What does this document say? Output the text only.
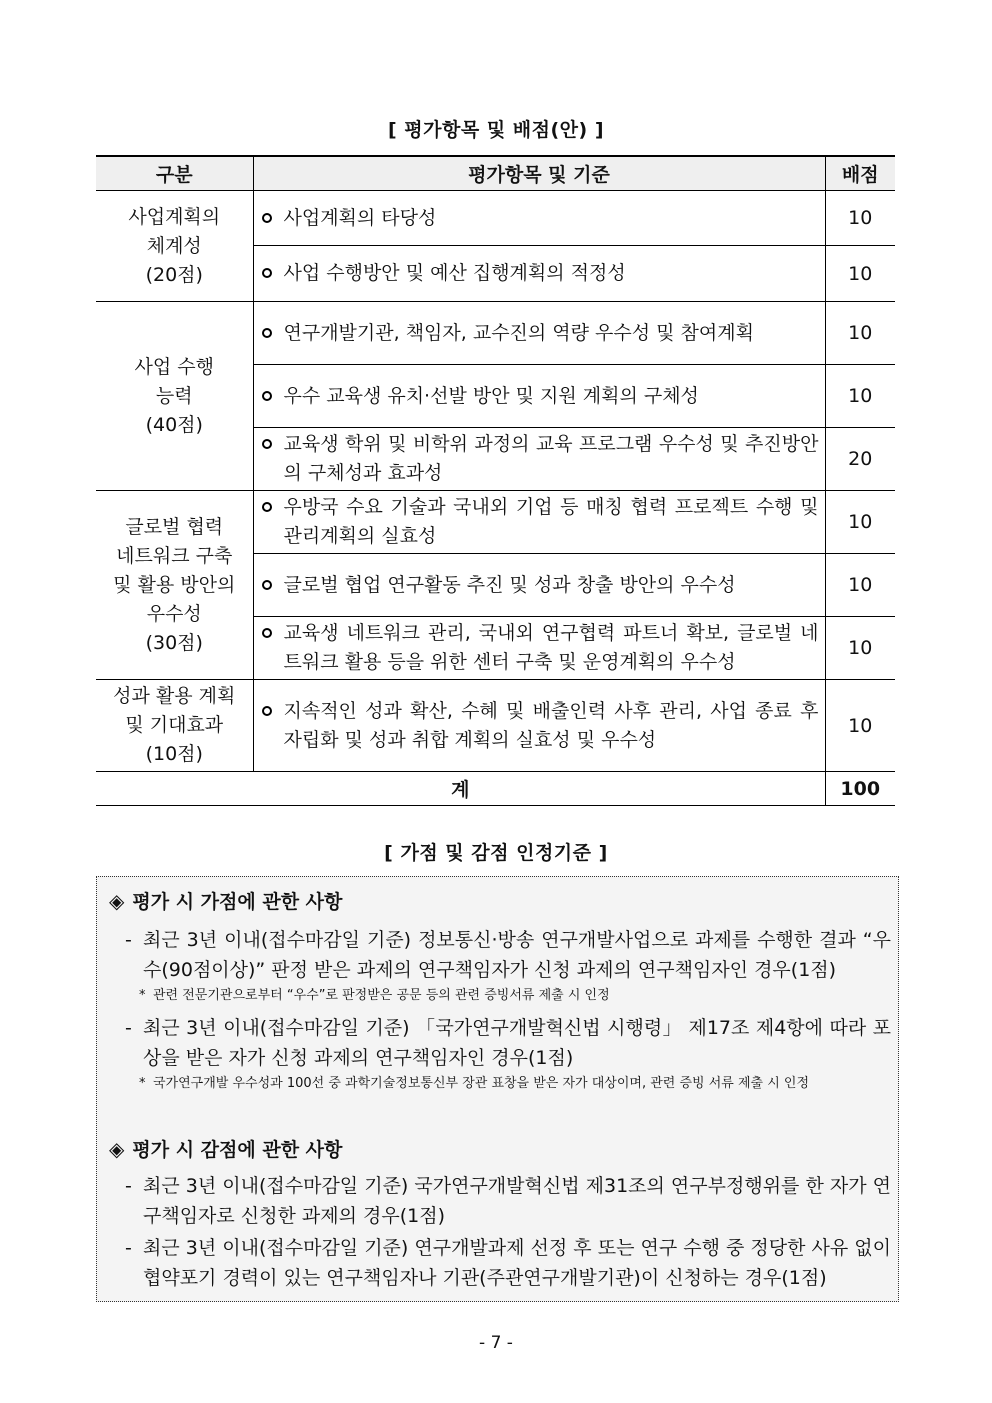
[ 평가항목 및 배점(안) ]
구분	평가항목 및 기준	배점

사업계획의
체계성
(20점)	사업계획의 타당성	10

	사업 수행방안 및 예산 집행계획의 적정성	10

사업 수행
능력
(40점)	연구개발기관, 책임자, 교수진의 역량 우수성 및 참여계획	10

	우수 교육생 유치·선발 방안 및 지원 계획의 구체성	10

	교육생 학위 및 비학위 과정의 교육 프로그램 우수성 및 추진방안의 구체성과 효과성	20

글로벌 협력
네트워크 구축
및 활용 방안의
우수성
(30점)	우방국 수요 기술과 국내외 기업 등 매칭 협력 프로젝트 수행 및 관리계획의 실효성	10

	글로벌 협업 연구활동 추진 및 성과 창출 방안의 우수성	10

	교육생 네트워크 관리, 국내외 연구협력 파트너 확보, 글로벌 네트워크 활용 등을 위한 센터 구축 및 운영계획의 우수성	10

성과 활용 계획
및 기대효과
(10점)	지속적인 성과 확산, 수혜 및 배출인력 사후 관리, 사업 종료 후 자립화 및 성과 취합 계획의 실효성 및 우수성	10
계		100
[ 가점 및 감점 인정기준 ]
◈ 평가 시 가점에 관한 사항
- 최근 3년 이내(접수마감일 기준) 정보통신·방송 연구개발사업으로 과제를 수행한 결과 “우수(90점이상)” 판정 받은 과제의 연구책임자가 신청 과제의 연구책임자인 경우(1점)
* 관련 전문기관으로부터 “우수”로 판정받은 공문 등의 관련 증빙서류 제출 시 인정
- 최근 3년 이내(접수마감일 기준) 「국가연구개발혁신법 시행령」 제17조 제4항에 따라 포상을 받은 자가 신청 과제의 연구책임자인 경우(1점)
* 국가연구개발 우수성과 100선 중 과학기술정보통신부 장관 표창을 받은 자가 대상이며, 관련 증빙 서류 제출 시 인정
◈ 평가 시 감점에 관한 사항
- 최근 3년 이내(접수마감일 기준) 국가연구개발혁신법 제31조의 연구부정행위를 한 자가 연구책임자로 신청한 과제의 경우(1점)
- 최근 3년 이내(접수마감일 기준) 연구개발과제 선정 후 또는 연구 수행 중 정당한 사유 없이 협약포기 경력이 있는 연구책임자나 기관(주관연구개발기관)이 신청하는 경우(1점)
- 7 -
